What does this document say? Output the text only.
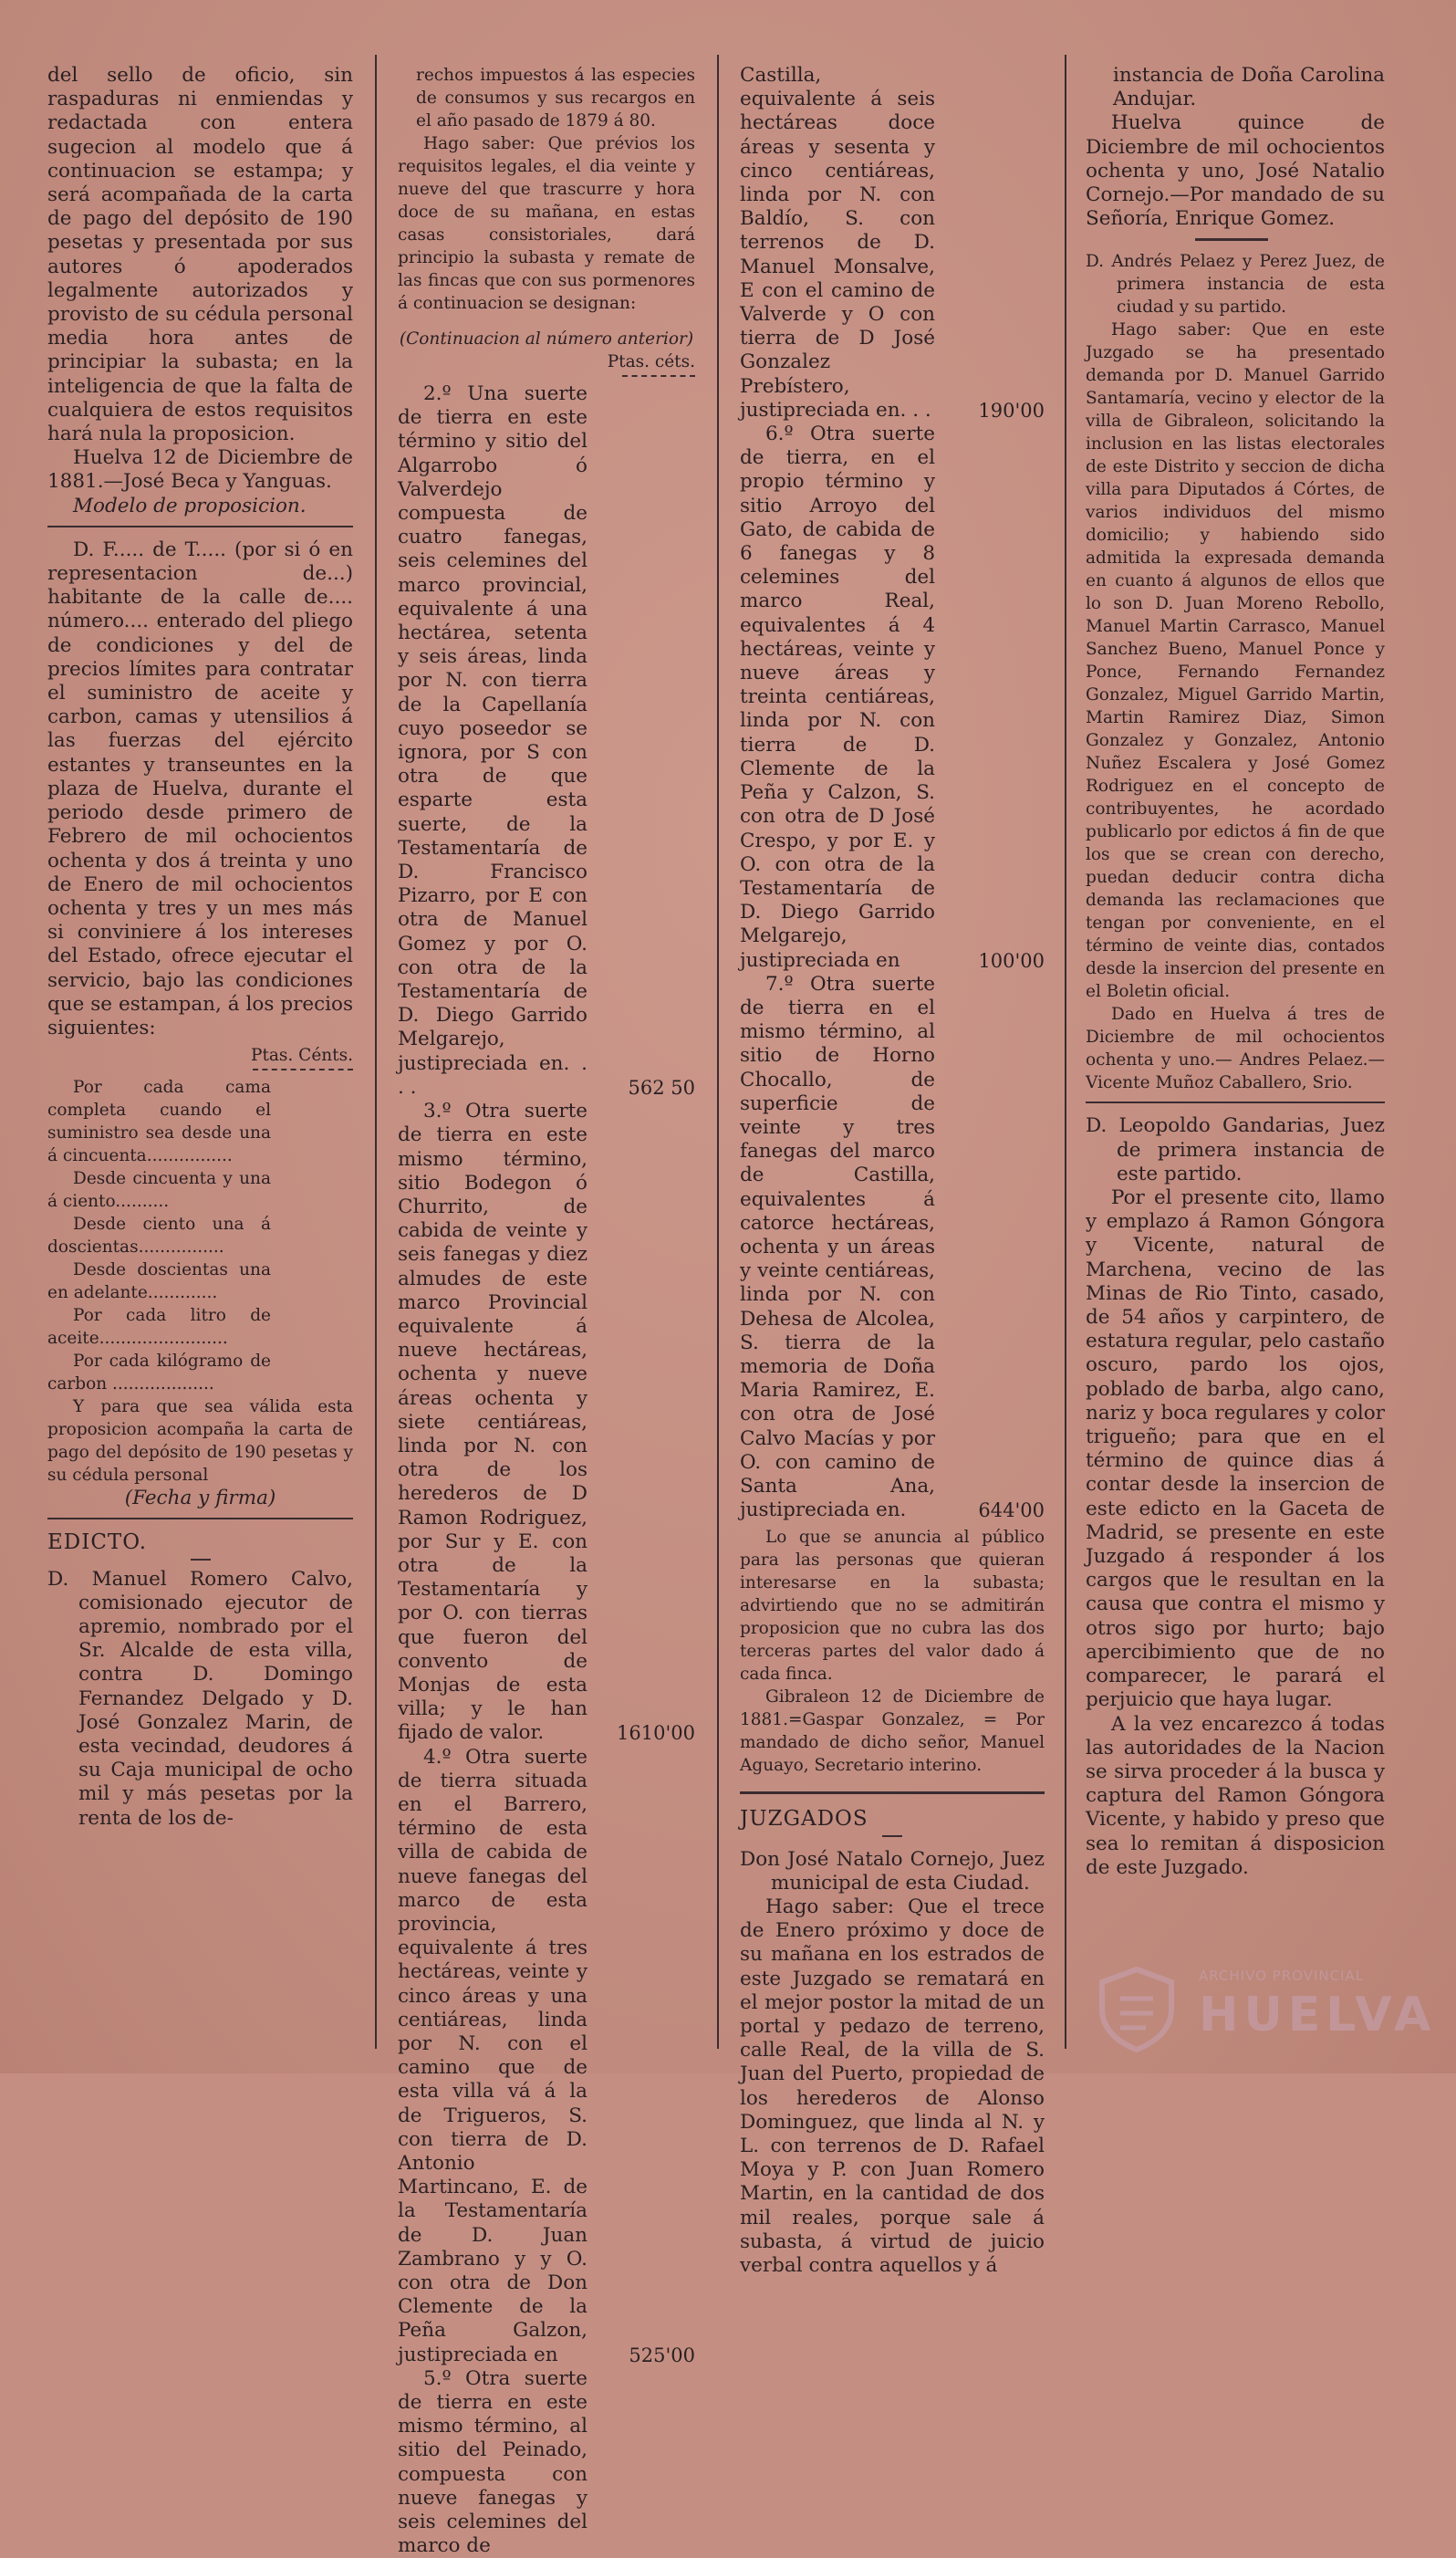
del sello de oficio, sin raspaduras ni enmiendas y redactada con entera sugecion al modelo que á continuacion se estampa; y será acompañada de la carta de pago del depósito de 190 pesetas y presentada por sus autores ó apoderados legalmente autorizados y provisto de su cédula personal media hora antes de principiar la subasta; en la inteligencia de que la falta de cualquiera de estos requisitos hará nula la proposicion.

Huelva 12 de Diciembre de 1881.—José Beca y Yanguas.

Modelo de proposicion.

D. F..... de T..... (por si ó en representacion de...) habitante de la calle de.... número.... enterado del pliego de condiciones y del de precios límites para contratar el suministro de aceite y carbon, camas y utensilios á las fuerzas del ejército estantes y transeuntes en la plaza de Huelva, durante el periodo desde primero de Febrero de mil ochocientos ochenta y dos á treinta y uno de Enero de mil ochocientos ochenta y tres y un mes más si conviniere á los intereses del Estado, ofrece ejecutar el servicio, bajo las condiciones que se estampan, á los precios siguientes:

Ptas. Cénts.

Por cada cama completa cuando el suministro sea desde una á cincuenta................

Desde cincuenta y una á ciento..........

Desde ciento una á doscientas................

Desde doscientas una en adelante.............

Por cada litro de aceite........................

Por cada kilógramo de carbon ...................

Y para que sea válida esta proposicion acompaña la carta de pago del depósito de 190 pesetas y su cédula personal

(Fecha y firma)

EDICTO.

D. Manuel Romero Calvo, comisionado ejecutor de apremio, nombrado por el Sr. Alcalde de esta villa, contra D. Domingo Fernandez Delgado y D. José Gonzalez Marin, de esta vecindad, deudores á su Caja municipal de ocho mil y más pesetas por la renta de los de-

rechos impuestos á las especies de consumos y sus recargos en el año pasado de 1879 á 80.

Hago saber: Que prévios los requisitos legales, el dia veinte y nueve del que trascurre y hora doce de su mañana, en estas casas consistoriales, dará principio la subasta y remate de las fincas que con sus pormenores á continuacion se designan:

(Continuacion al número anterior)

Ptas. céts.

2.º Una suerte de tierra en este término y sitio del Algarrobo ó Valverdejo compuesta de cuatro fanegas, seis celemines del marco provincial, equivalente á una hectárea, setenta y seis áreas, linda por N. con tierra de la Capellanía cuyo poseedor se ignora, por S con otra de que esparte esta suerte, de la Testamentaría de D. Francisco Pizarro, por E con otra de Manuel Gomez y por O. con otra de la Testamentaría de D. Diego Garrido Melgarejo, justipreciada en. . . .	562 50

3.º Otra suerte de tierra en este mismo término, sitio Bodegon ó Churrito, de cabida de veinte y seis fanegas y diez almudes de este marco Provincial equivalente á nueve hectáreas, ochenta y nueve áreas ochenta y siete centiáreas, linda por N. con otra de los herederos de D Ramon Rodriguez, por Sur y E. con otra de la Testamentaría y por O. con tierras que fueron del convento de Monjas de esta villa; y le han fijado de valor.	1610'00

4.º Otra suerte de tierra situada en el Barrero, término de esta villa de cabida de nueve fanegas del marco de esta provincia, equivalente á tres hectáreas, veinte y cinco áreas y una centiáreas, linda por N. con el camino que de esta villa vá á la de Trigueros, S. con tierra de D. Antonio Martincano, E. de la Testamentaría de D. Juan Zambrano y y O. con otra de Don Clemente de la Peña Galzon, justipreciada en	525'00

5.º Otra suerte de tierra en este mismo término, al sitio del Peinado, compuesta con nueve fanegas y seis celemines del marco de

Castilla, equivalente á seis hectáreas doce áreas y sesenta y cinco centiáreas, linda por N. con Baldío, S. con terrenos de D. Manuel Monsalve, E con el camino de Valverde y O con tierra de D José Gonzalez Prebístero, justipreciada en. . .	190'00

6.º Otra suerte de tierra, en el propio término y sitio Arroyo del Gato, de cabida de 6 fanegas y 8 celemines del marco Real, equivalentes á 4 hectáreas, veinte y nueve áreas y treinta centiáreas, linda por N. con tierra de D. Clemente de la Peña y Calzon, S. con otra de D José Crespo, y por E. y O. con otra de la Testamentaría de D. Diego Garrido Melgarejo, justipreciada en	100'00

7.º Otra suerte de tierra en el mismo término, al sitio de Horno Chocallo, de superficie de veinte y tres fanegas del marco de Castilla, equivalentes á catorce hectáreas, ochenta y un áreas y veinte centiáreas, linda por N. con Dehesa de Alcolea, S. tierra de la memoria de Doña Maria Ramirez, E. con otra de José Calvo Macías y por O. con camino de Santa Ana, justipreciada en.	644'00

Lo que se anuncia al público para las personas que quieran interesarse en la subasta; advirtiendo que no se admitirán proposicion que no cubra las dos terceras partes del valor dado á cada finca.

Gibraleon 12 de Diciembre de 1881.=Gaspar Gonzalez, = Por mandado de dicho señor, Manuel Aguayo, Secretario interino.

JUZGADOS

Don José Natalo Cornejo, Juez municipal de esta Ciudad.

Hago saber: Que el trece de Enero próximo y doce de su mañana en los estrados de este Juzgado se rematará en el mejor postor la mitad de un portal y pedazo de terreno, calle Real, de la villa de S. Juan del Puerto, propiedad de los herederos de Alonso Dominguez, que linda al N. y L. con terrenos de D. Rafael Moya y P. con Juan Romero Martin, en la cantidad de dos mil reales, porque sale á subasta, á virtud de juicio verbal contra aquellos y á

instancia de Doña Carolina Andujar.

Huelva quince de Diciembre de mil ochocientos ochenta y uno, José Natalio Cornejo.—Por mandado de su Señoría, Enrique Gomez.

D. Andrés Pelaez y Perez Juez, de primera instancia de esta ciudad y su partido.

Hago saber: Que en este Juzgado se ha presentado demanda por D. Manuel Garrido Santamaría, vecino y elector de la villa de Gibraleon, solicitando la inclusion en las listas electorales de este Distrito y seccion de dicha villa para Diputados á Córtes, de varios individuos del mismo domicilio; y habiendo sido admitida la expresada demanda en cuanto á algunos de ellos que lo son D. Juan Moreno Rebollo, Manuel Martin Carrasco, Manuel Sanchez Bueno, Manuel Ponce y Ponce, Fernando Fernandez Gonzalez, Miguel Garrido Martin, Martin Ramirez Diaz, Simon Gonzalez y Gonzalez, Antonio Nuñez Escalera y José Gomez Rodriguez en el concepto de contribuyentes, he acordado publicarlo por edictos á fin de que los que se crean con derecho, puedan deducir contra dicha demanda las reclamaciones que tengan por conveniente, en el término de veinte dias, contados desde la insercion del presente en el Boletin oficial.

Dado en Huelva á tres de Diciembre de mil ochocientos ochenta y uno.— Andres Pelaez.— Vicente Muñoz Caballero, Srio.

D. Leopoldo Gandarias, Juez de primera instancia de este partido.

Por el presente cito, llamo y emplazo á Ramon Góngora y Vicente, natural de Marchena, vecino de las Minas de Rio Tinto, casado, de 54 años y carpintero, de estatura regular, pelo castaño oscuro, pardo los ojos, poblado de barba, algo cano, nariz y boca regulares y color trigueño; para que en el término de quince dias á contar desde la insercion de este edicto en la Gaceta de Madrid, se presente en este Juzgado á responder á los cargos que le resultan en la causa que contra el mismo y otros sigo por hurto; bajo apercibimiento que de no comparecer, le parará el perjuicio que haya lugar.

A la vez encarezco á todas las autoridades de la Nacion se sirva proceder á la busca y captura del Ramon Góngora Vicente, y habido y preso que sea lo remitan á disposicion de este Juzgado.

ARCHIVO PROVINCIAL
HUELVA
